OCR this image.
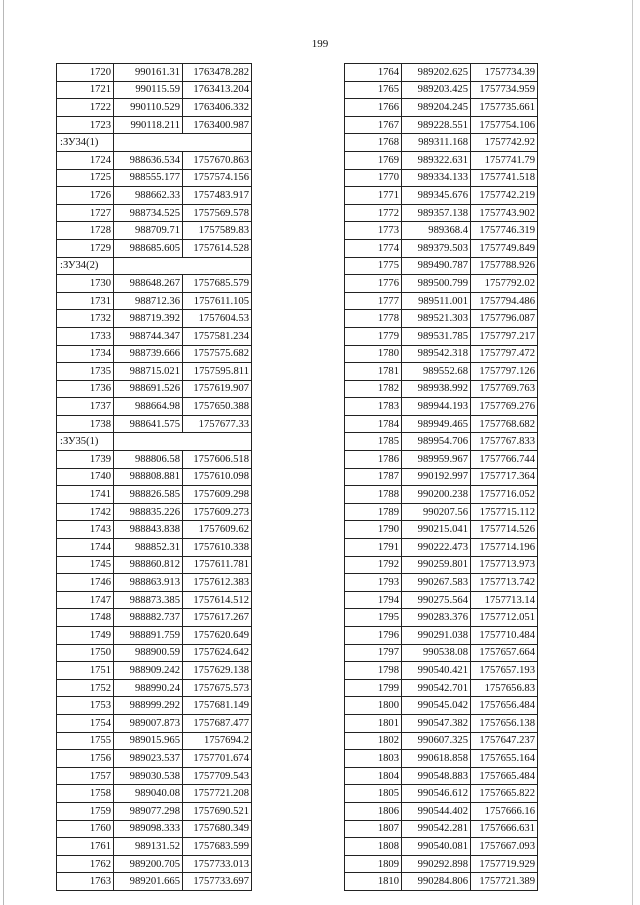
199
1720	990161.31	1763478.282
1721	990115.59	1763413.204
1722	990110.529	1763406.332
1723	990118.211	1763400.987
:ЗУ34(1)		
1724	988636.534	1757670.863
1725	988555.177	1757574.156
1726	988662.33	1757483.917
1727	988734.525	1757569.578
1728	988709.71	1757589.83
1729	988685.605	1757614.528
:ЗУ34(2)		
1730	988648.267	1757685.579
1731	988712.36	1757611.105
1732	988719.392	1757604.53
1733	988744.347	1757581.234
1734	988739.666	1757575.682
1735	988715.021	1757595.811
1736	988691.526	1757619.907
1737	988664.98	1757650.388
1738	988641.575	1757677.33
:ЗУ35(1)		
1739	988806.58	1757606.518
1740	988808.881	1757610.098
1741	988826.585	1757609.298
1742	988835.226	1757609.273
1743	988843.838	1757609.62
1744	988852.31	1757610.338
1745	988860.812	1757611.781
1746	988863.913	1757612.383
1747	988873.385	1757614.512
1748	988882.737	1757617.267
1749	988891.759	1757620.649
1750	988900.59	1757624.642
1751	988909.242	1757629.138
1752	988990.24	1757675.573
1753	988999.292	1757681.149
1754	989007.873	1757687.477
1755	989015.965	1757694.2
1756	989023.537	1757701.674
1757	989030.538	1757709.543
1758	989040.08	1757721.208
1759	989077.298	1757690.521
1760	989098.333	1757680.349
1761	989131.52	1757683.599
1762	989200.705	1757733.013
1763	989201.665	1757733.697
1764	989202.625	1757734.39
1765	989203.425	1757734.959
1766	989204.245	1757735.661
1767	989228.551	1757754.106
1768	989311.168	1757742.92
1769	989322.631	1757741.79
1770	989334.133	1757741.518
1771	989345.676	1757742.219
1772	989357.138	1757743.902
1773	989368.4	1757746.319
1774	989379.503	1757749.849
1775	989490.787	1757788.926
1776	989500.799	1757792.02
1777	989511.001	1757794.486
1778	989521.303	1757796.087
1779	989531.785	1757797.217
1780	989542.318	1757797.472
1781	989552.68	1757797.126
1782	989938.992	1757769.763
1783	989944.193	1757769.276
1784	989949.465	1757768.682
1785	989954.706	1757767.833
1786	989959.967	1757766.744
1787	990192.997	1757717.364
1788	990200.238	1757716.052
1789	990207.56	1757715.112
1790	990215.041	1757714.526
1791	990222.473	1757714.196
1792	990259.801	1757713.973
1793	990267.583	1757713.742
1794	990275.564	1757713.14
1795	990283.376	1757712.051
1796	990291.038	1757710.484
1797	990538.08	1757657.664
1798	990540.421	1757657.193
1799	990542.701	1757656.83
1800	990545.042	1757656.484
1801	990547.382	1757656.138
1802	990607.325	1757647.237
1803	990618.858	1757655.164
1804	990548.883	1757665.484
1805	990546.612	1757665.822
1806	990544.402	1757666.16
1807	990542.281	1757666.631
1808	990540.081	1757667.093
1809	990292.898	1757719.929
1810	990284.806	1757721.389
